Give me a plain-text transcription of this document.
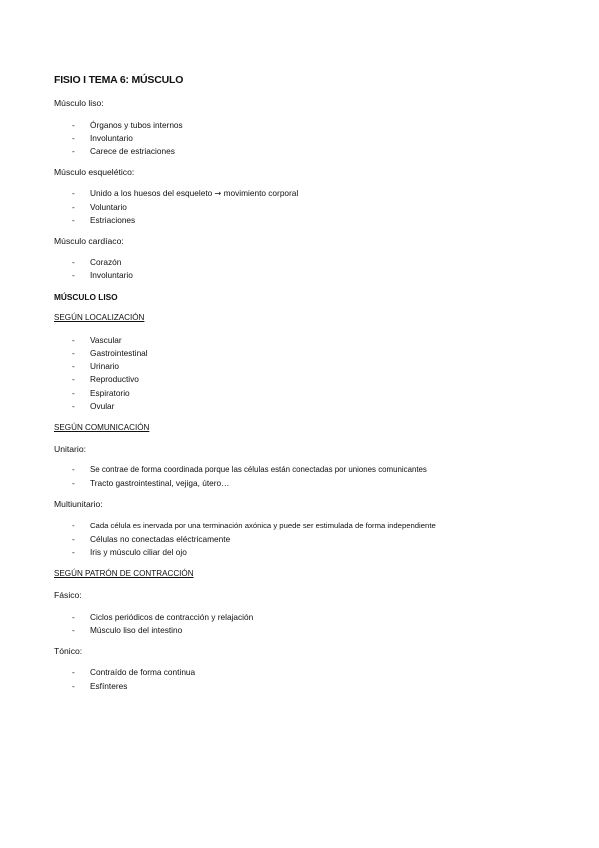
FISIO I TEMA 6: MÚSCULO
Músculo liso:
- Órganos y tubos internos
- Involuntario
- Carece de estriaciones
Músculo esquelético:
- Unido a los huesos del esqueleto → movimiento corporal
- Voluntario
- Estriaciones
Músculo cardíaco:
- Corazón
- Involuntario
MÚSCULO LISO
SEGÚN LOCALIZACIÓN
- Vascular
- Gastrointestinal
- Urinario
- Reproductivo
- Espiratorio
- Ovular
SEGÚN COMUNICACIÓN
Unitario:
- Se contrae de forma coordinada porque las células están conectadas por uniones comunicantes
- Tracto gastrointestinal, vejiga, útero…
Multiunitario:
- Cada célula es inervada por una terminación axónica y puede ser estimulada de forma independiente
- Células no conectadas eléctricamente
- Iris y músculo ciliar del ojo
SEGÚN PATRÓN DE CONTRACCIÓN
Fásico:
- Ciclos periódicos de contracción y relajación
- Músculo liso del intestino
Tónico:
- Contraído de forma continua
- Esfínteres
